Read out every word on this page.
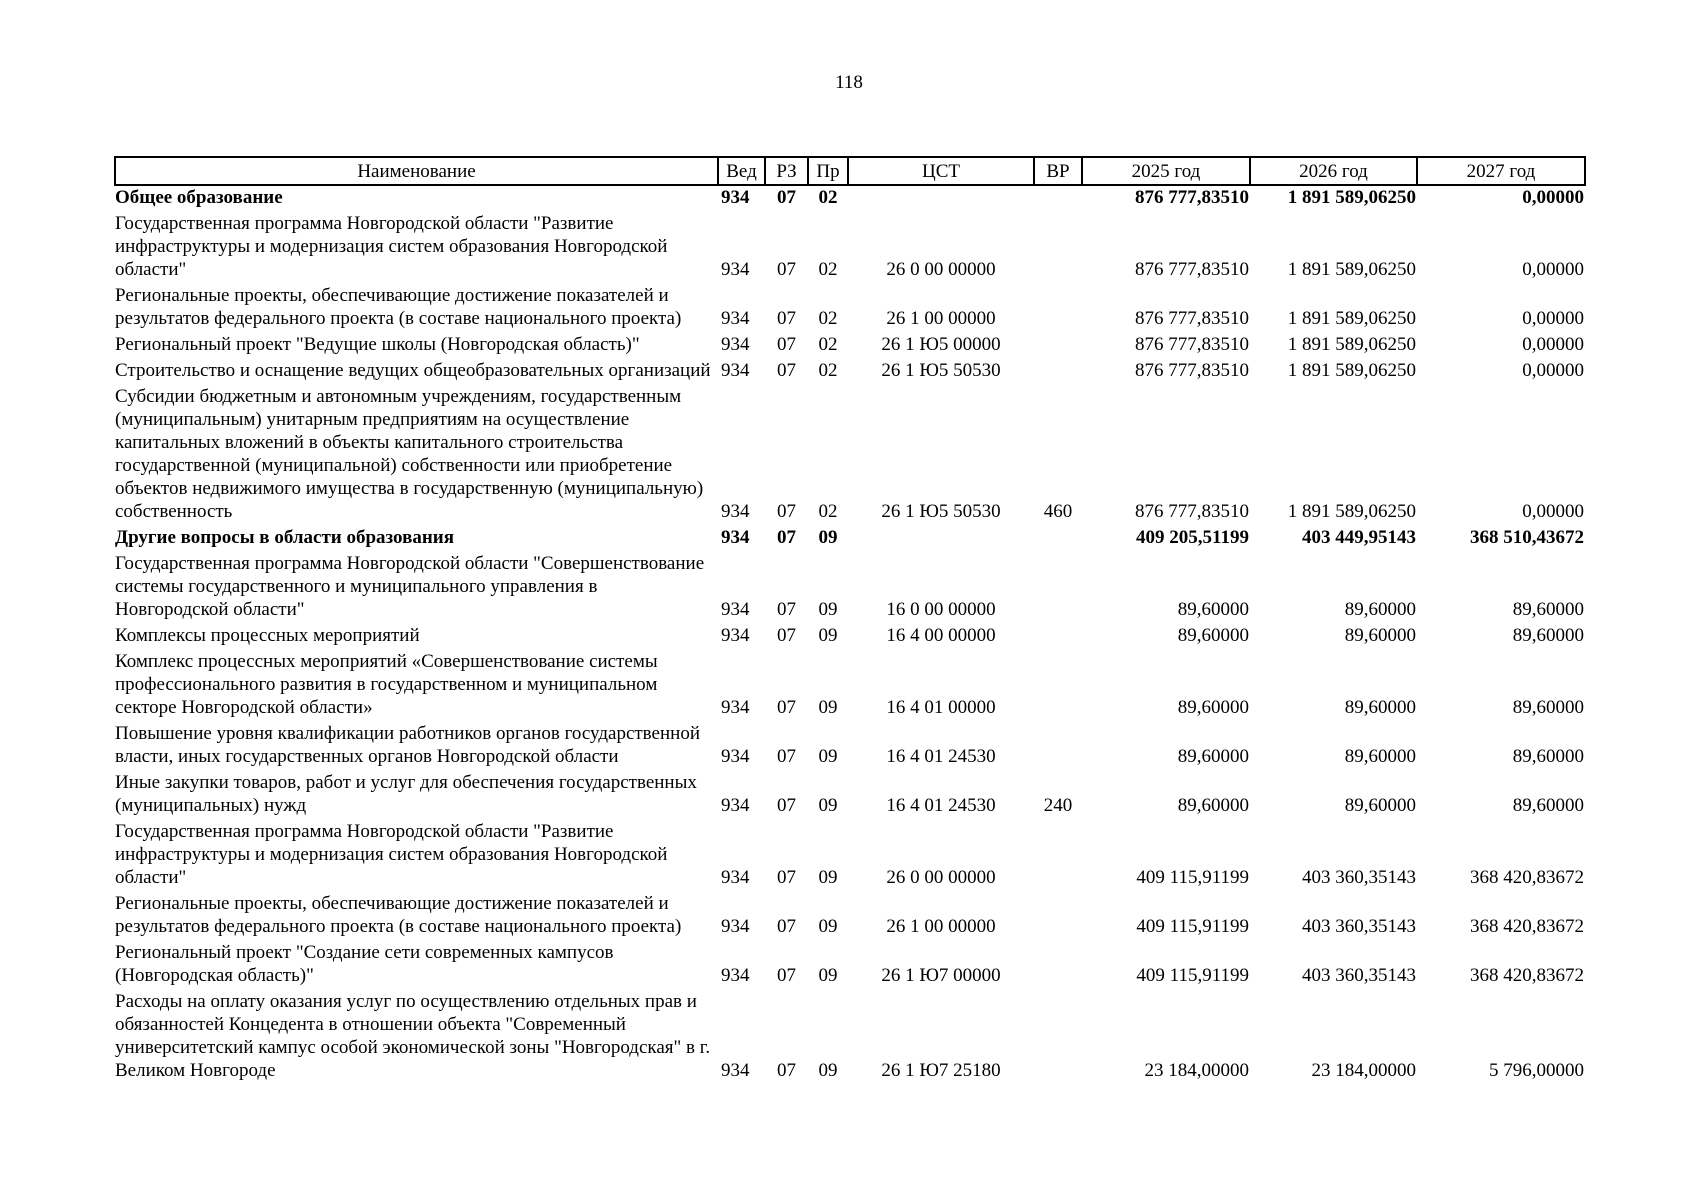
118
Наименование	Вед	РЗ	Пр	ЦСТ	ВР	2025 год	2026 год	2027 год
Общее образование	934	07	02			876 777,83510	1 891 589,06250	0,00000
Государственная программа Новгородской области "Развитие инфраструктуры и модернизация систем образования Новгородской области"	934	07	02	26 0 00 00000		876 777,83510	1 891 589,06250	0,00000
Региональные проекты, обеспечивающие достижение показателей и результатов федерального проекта (в составе национального проекта)	934	07	02	26 1 00 00000		876 777,83510	1 891 589,06250	0,00000
Региональный проект "Ведущие школы (Новгородская область)"	934	07	02	26 1 Ю5 00000		876 777,83510	1 891 589,06250	0,00000
Строительство и оснащение ведущих общеобразовательных организаций	934	07	02	26 1 Ю5 50530		876 777,83510	1 891 589,06250	0,00000
Субсидии бюджетным и автономным учреждениям, государственным (муниципальным) унитарным предприятиям на осуществление капитальных вложений в объекты капитального строительства государственной (муниципальной) собственности или приобретение объектов недвижимого имущества в государственную (муниципальную) собственность	934	07	02	26 1 Ю5 50530	460	876 777,83510	1 891 589,06250	0,00000
Другие вопросы в области образования	934	07	09			409 205,51199	403 449,95143	368 510,43672
Государственная программа Новгородской области "Совершенствование системы государственного и муниципального управления в Новгородской области"	934	07	09	16 0 00 00000		89,60000	89,60000	89,60000
Комплексы процессных мероприятий	934	07	09	16 4 00 00000		89,60000	89,60000	89,60000
Комплекс процессных мероприятий «Совершенствование системы профессионального развития в государственном и муниципальном секторе Новгородской области»	934	07	09	16 4 01 00000		89,60000	89,60000	89,60000
Повышение уровня квалификации работников органов государственной власти, иных государственных органов Новгородской области	934	07	09	16 4 01 24530		89,60000	89,60000	89,60000
Иные закупки товаров, работ и услуг для обеспечения государственных (муниципальных) нужд	934	07	09	16 4 01 24530	240	89,60000	89,60000	89,60000
Государственная программа Новгородской области "Развитие инфраструктуры и модернизация систем образования Новгородской области"	934	07	09	26 0 00 00000		409 115,91199	403 360,35143	368 420,83672
Региональные проекты, обеспечивающие достижение показателей и результатов федерального проекта (в составе национального проекта)	934	07	09	26 1 00 00000		409 115,91199	403 360,35143	368 420,83672
Региональный проект "Создание сети современных кампусов (Новгородская область)"	934	07	09	26 1 Ю7 00000		409 115,91199	403 360,35143	368 420,83672
Расходы на оплату оказания услуг по осуществлению отдельных прав и обязанностей Концедента в отношении объекта "Современный университетский кампус особой экономической зоны "Новгородская" в г. Великом Новгороде	934	07	09	26 1 Ю7 25180		23 184,00000	23 184,00000	5 796,00000
